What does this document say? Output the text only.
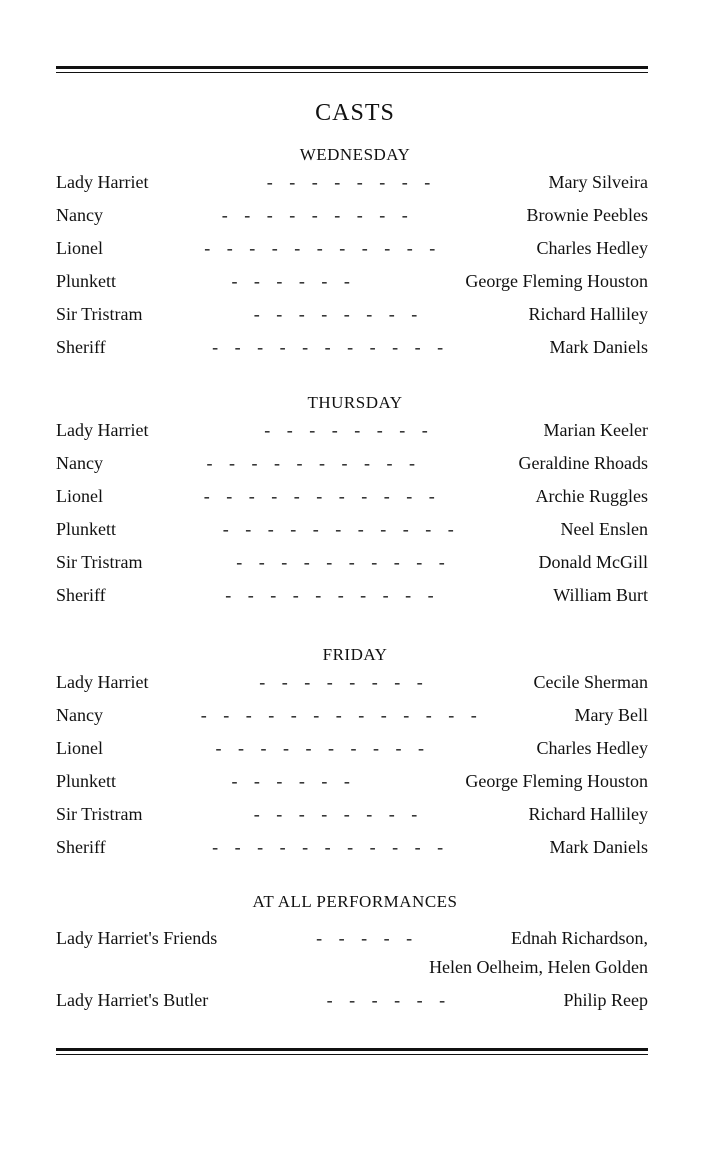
CASTS
WEDNESDAY
Lady Harriet	- - - - - - - -	Mary Silveira
Nancy	- - - - - - - - -	Brownie Peebles
Lionel	- - - - - - - - - - -	Charles Hedley
Plunkett	- - - - - -	George Fleming Houston
Sir Tristram	- - - - - - - -	Richard Halliley
Sheriff	- - - - - - - - - - -	Mark Daniels
THURSDAY
Lady Harriet	- - - - - - - -	Marian Keeler
Nancy	- - - - - - - - - -	Geraldine Rhoads
Lionel	- - - - - - - - - - -	Archie Ruggles
Plunkett	- - - - - - - - - - -	Neel Enslen
Sir Tristram	- - - - - - - - - -	Donald McGill
Sheriff	- - - - - - - - - -	William Burt
FRIDAY
Lady Harriet	- - - - - - - -	Cecile Sherman
Nancy	- - - - - - - - - - - - -	Mary Bell
Lionel	- - - - - - - - - -	Charles Hedley
Plunkett	- - - - - -	George Fleming Houston
Sir Tristram	- - - - - - - -	Richard Halliley
Sheriff	- - - - - - - - - - -	Mark Daniels
AT ALL PERFORMANCES
Lady Harriet's Friends	- - - - -	Ednah Richardson,
Helen Oelheim, Helen Golden
Lady Harriet's Butler	- - - - - -	Philip Reep
